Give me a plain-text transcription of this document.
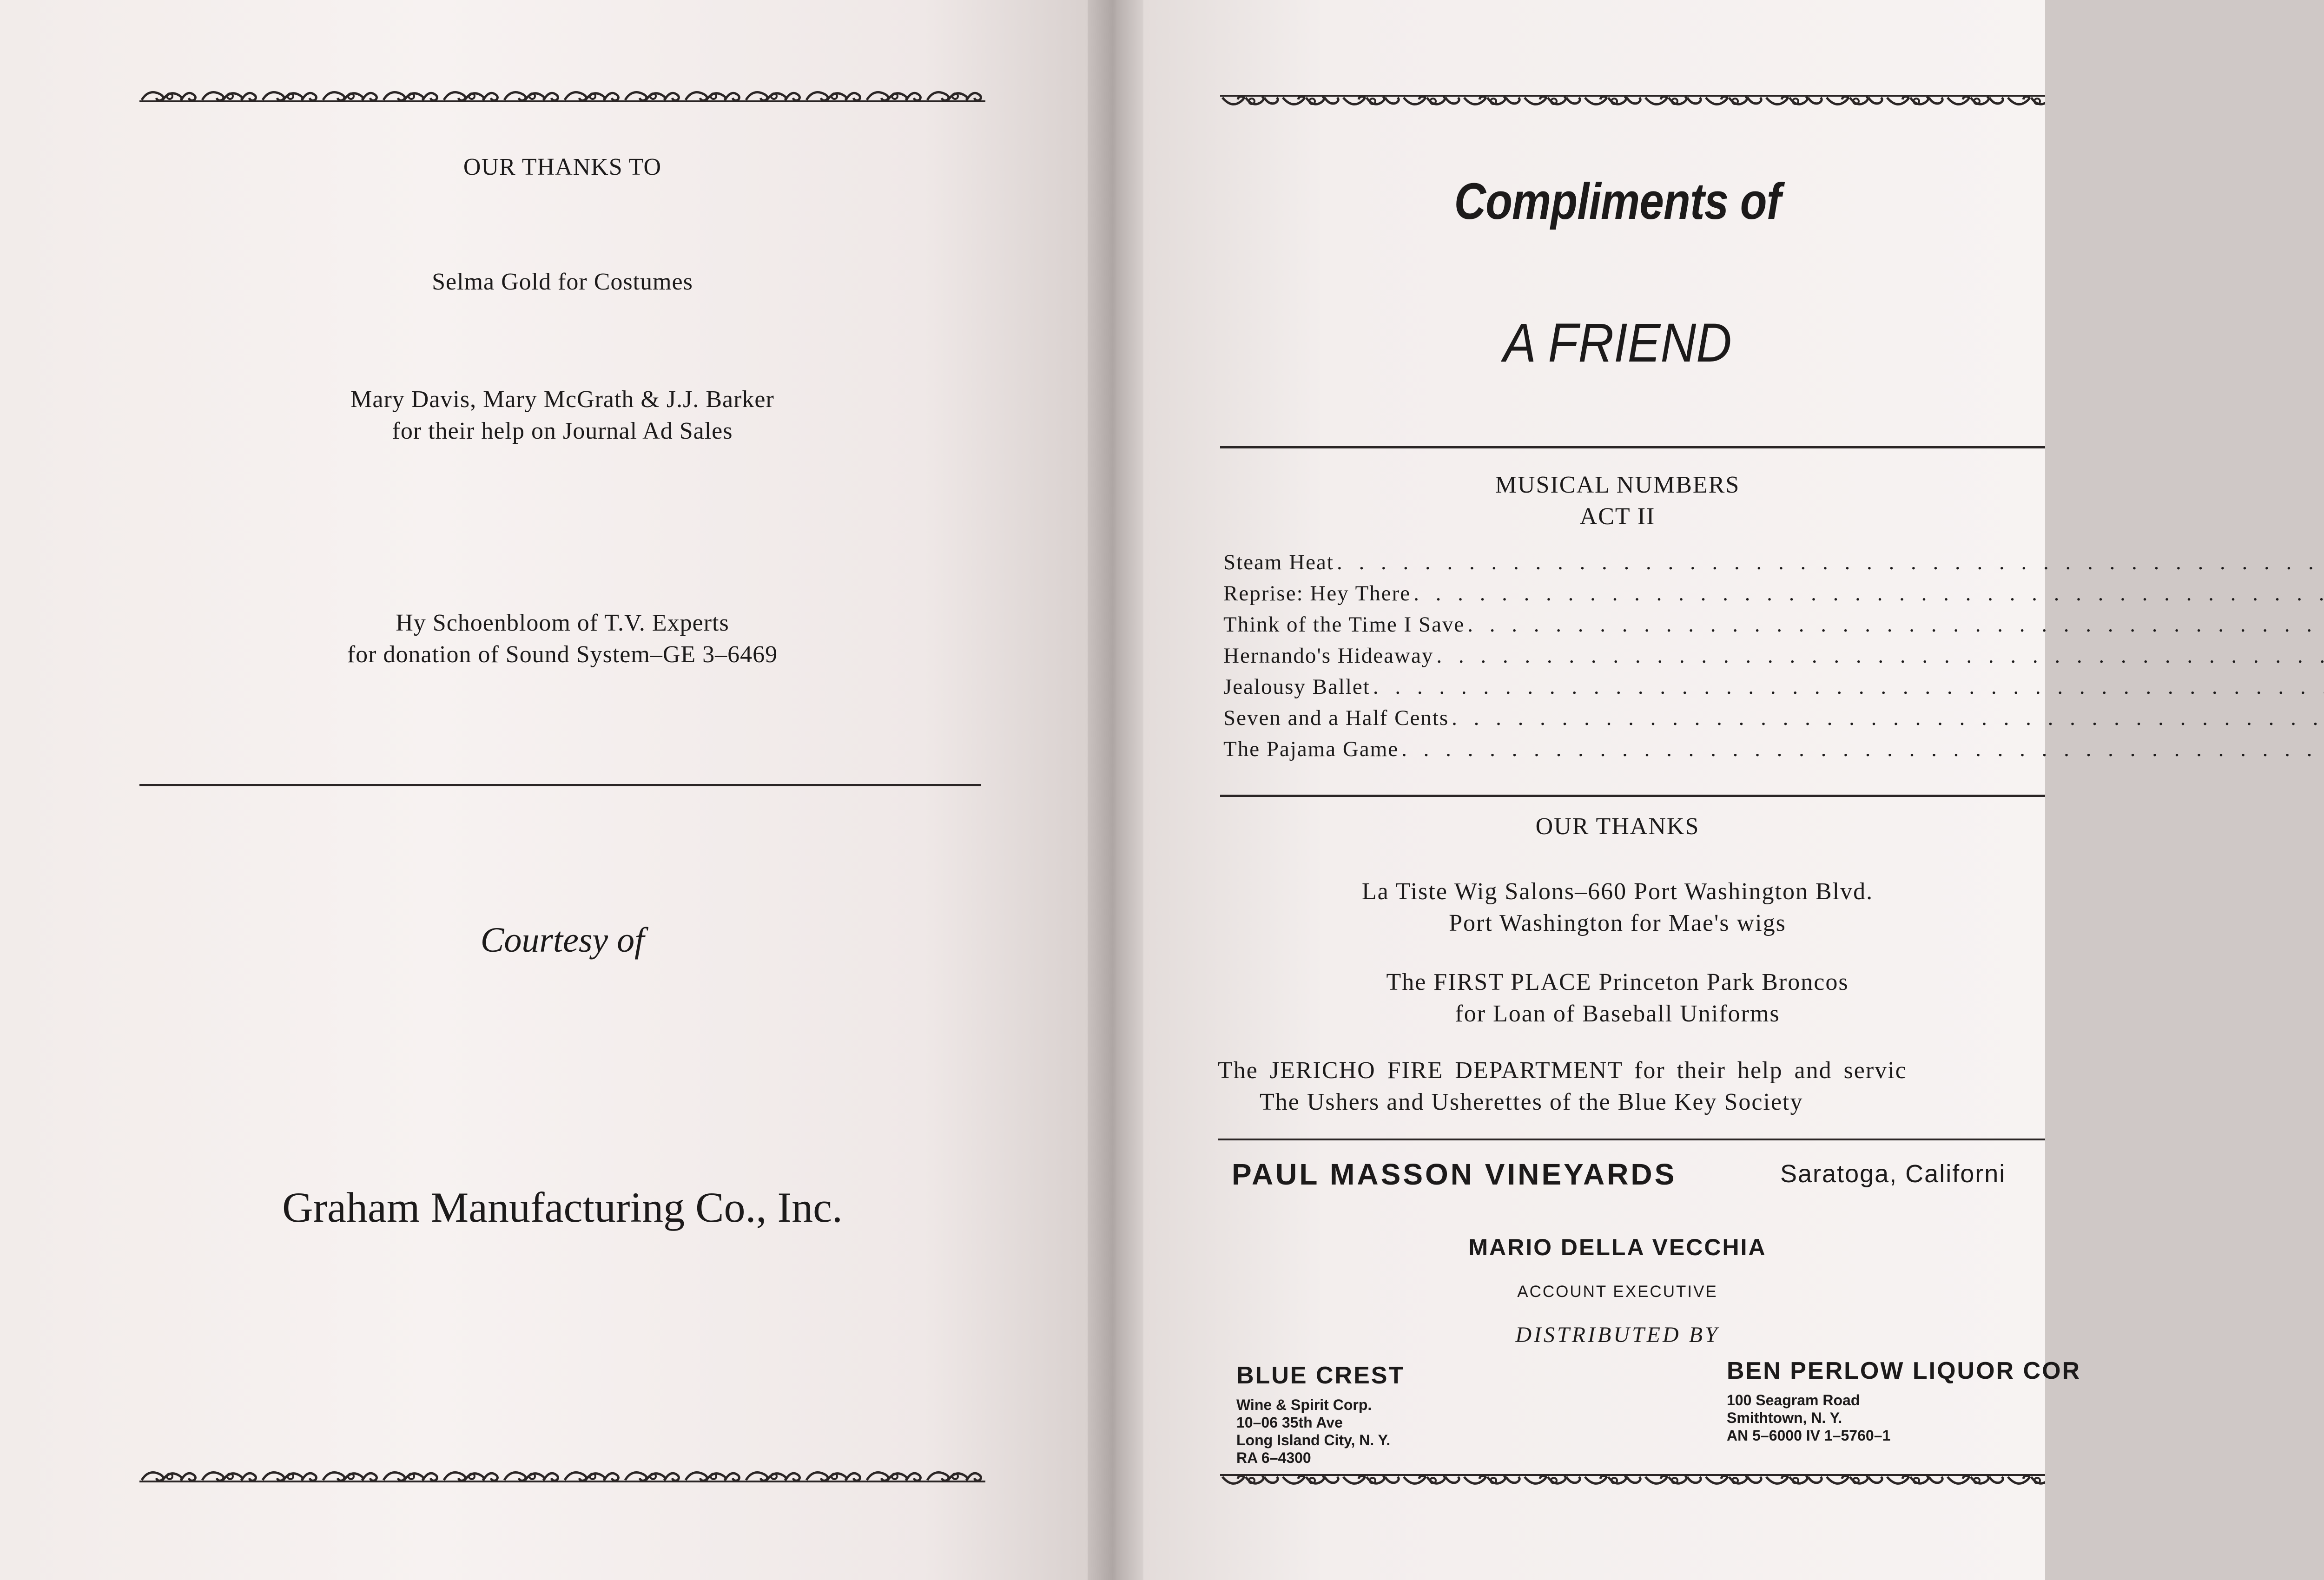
OUR THANKS TO
Selma Gold for Costumes
Mary Davis, Mary McGrath & J.J. Barker
for their help on Journal Ad Sales
Hy Schoenbloom of T.V. Experts
for donation of Sound System–GE 3–6469
Courtesy of
Graham Manufacturing Co., Inc.
Compliments of
A FRIEND
MUSICAL NUMBERS
ACT II
Steam Heat
. . .
Reprise: Hey There
. . .
Think of the Time I Save
. . .
Hernando's Hideaway
. . .
Jealousy Ballet
. . .
Seven and a Half Cents
. . .
The Pajama Game
. . .
OUR THANKS
La Tiste Wig Salons–660 Port Washington Blvd.
Port Washington for Mae's wigs
The FIRST PLACE Princeton Park Broncos
for Loan of Baseball Uniforms
The JERICHO FIRE DEPARTMENT for their help and servic
The Ushers and Usherettes of the Blue Key Society
PAUL MASSON VINEYARDS	Saratoga, Californi
MARIO DELLA VECCHIA
ACCOUNT EXECUTIVE
DISTRIBUTED BY
BLUE CREST
Wine & Spirit Corp.
10–06 35th Ave
Long Island City, N. Y.
RA 6–4300
BEN PERLOW LIQUOR COR
100 Seagram Road
Smithtown, N. Y.
AN 5–6000 IV 1–5760–1
